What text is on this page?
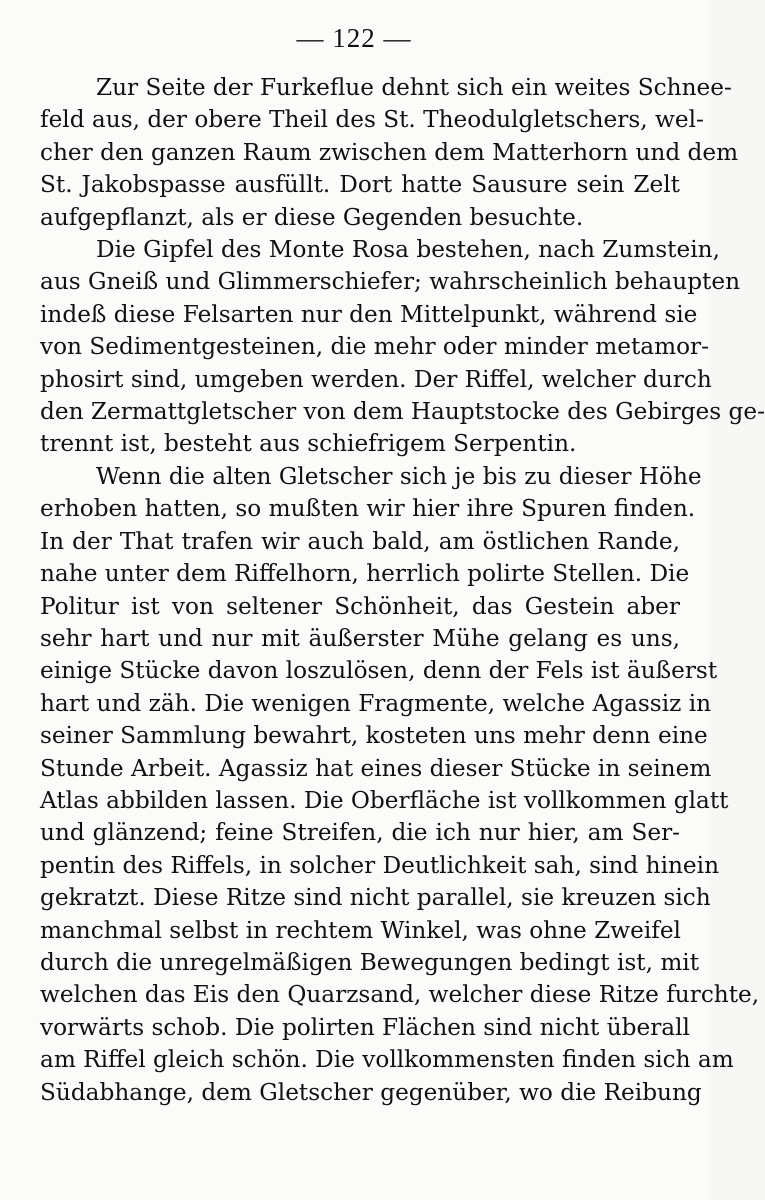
— 122 —

Zur Seite der Furkeflue dehnt sich ein weites Schnee-
feld aus, der obere Theil des St. Theodulgletschers, wel-
cher den ganzen Raum zwischen dem Matterhorn und dem
St. Jakobspasse ausfüllt. Dort hatte Sausure sein Zelt
aufgepflanzt, als er diese Gegenden besuchte.

Die Gipfel des Monte Rosa bestehen, nach Zumstein,
aus Gneiß und Glimmerschiefer; wahrscheinlich behaupten
indeß diese Felsarten nur den Mittelpunkt, während sie
von Sedimentgesteinen, die mehr oder minder metamor-
phosirt sind, umgeben werden. Der Riffel, welcher durch
den Zermattgletscher von dem Hauptstocke des Gebirges ge-
trennt ist, besteht aus schiefrigem Serpentin.

Wenn die alten Gletscher sich je bis zu dieser Höhe
erhoben hatten, so mußten wir hier ihre Spuren finden.
In der That trafen wir auch bald, am östlichen Rande,
nahe unter dem Riffelhorn, herrlich polirte Stellen. Die
Politur ist von seltener Schönheit, das Gestein aber
sehr hart und nur mit äußerster Mühe gelang es uns,
einige Stücke davon loszulösen, denn der Fels ist äußerst
hart und zäh. Die wenigen Fragmente, welche Agassiz in
seiner Sammlung bewahrt, kosteten uns mehr denn eine
Stunde Arbeit. Agassiz hat eines dieser Stücke in seinem
Atlas abbilden lassen. Die Oberfläche ist vollkommen glatt
und glänzend; feine Streifen, die ich nur hier, am Ser-
pentin des Riffels, in solcher Deutlichkeit sah, sind hinein
gekratzt. Diese Ritze sind nicht parallel, sie kreuzen sich
manchmal selbst in rechtem Winkel, was ohne Zweifel
durch die unregelmäßigen Bewegungen bedingt ist, mit
welchen das Eis den Quarzsand, welcher diese Ritze furchte,
vorwärts schob. Die polirten Flächen sind nicht überall
am Riffel gleich schön. Die vollkommensten finden sich am
Südabhange, dem Gletscher gegenüber, wo die Reibung
